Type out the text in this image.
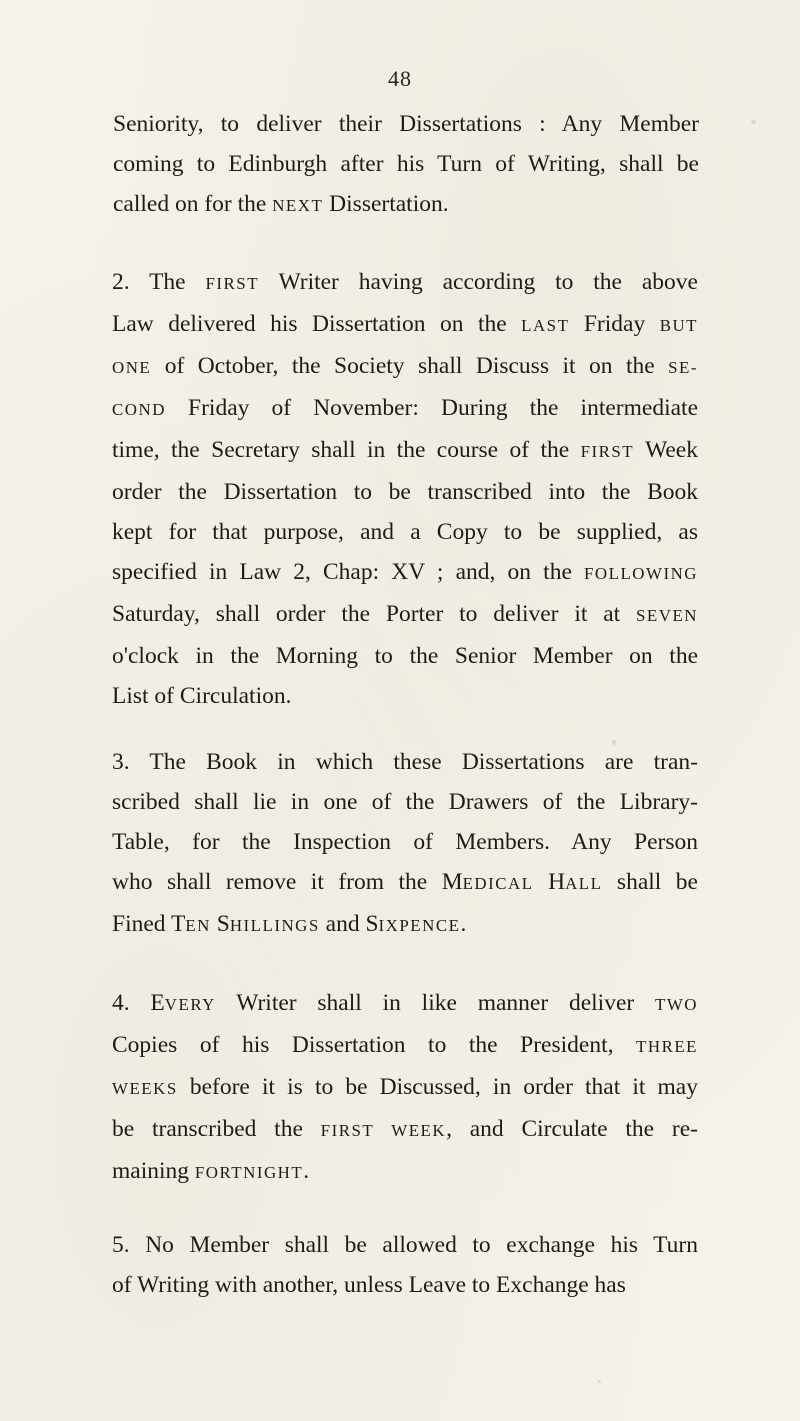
48
Seniority, to deliver their Dissertations : Any Member
coming to Edinburgh after his Turn of Writing, shall be
called on for the NEXT Dissertation.
2. The FIRST Writer having according to the above
Law delivered his Dissertation on the LAST Friday BUT
ONE of October, the Society shall Discuss it on the SE-
COND Friday of November: During the intermediate
time, the Secretary shall in the course of the FIRST Week
order the Dissertation to be transcribed into the Book
kept for that purpose, and a Copy to be supplied, as
specified in Law 2, Chap: XV ; and, on the FOLLOWING
Saturday, shall order the Porter to deliver it at SEVEN
o'clock in the Morning to the Senior Member on the
List of Circulation.
3. The Book in which these Dissertations are tran-
scribed shall lie in one of the Drawers of the Library-
Table, for the Inspection of Members. Any Person
who shall remove it from the MEDICAL HALL shall be
Fined TEN SHILLINGS and SIXPENCE.
4. EVERY Writer shall in like manner deliver TWO
Copies of his Dissertation to the President, THREE
WEEKS before it is to be Discussed, in order that it may
be transcribed the FIRST WEEK, and Circulate the re-
maining FORTNIGHT.
5. No Member shall be allowed to exchange his Turn
of Writing with another, unless Leave to Exchange has
